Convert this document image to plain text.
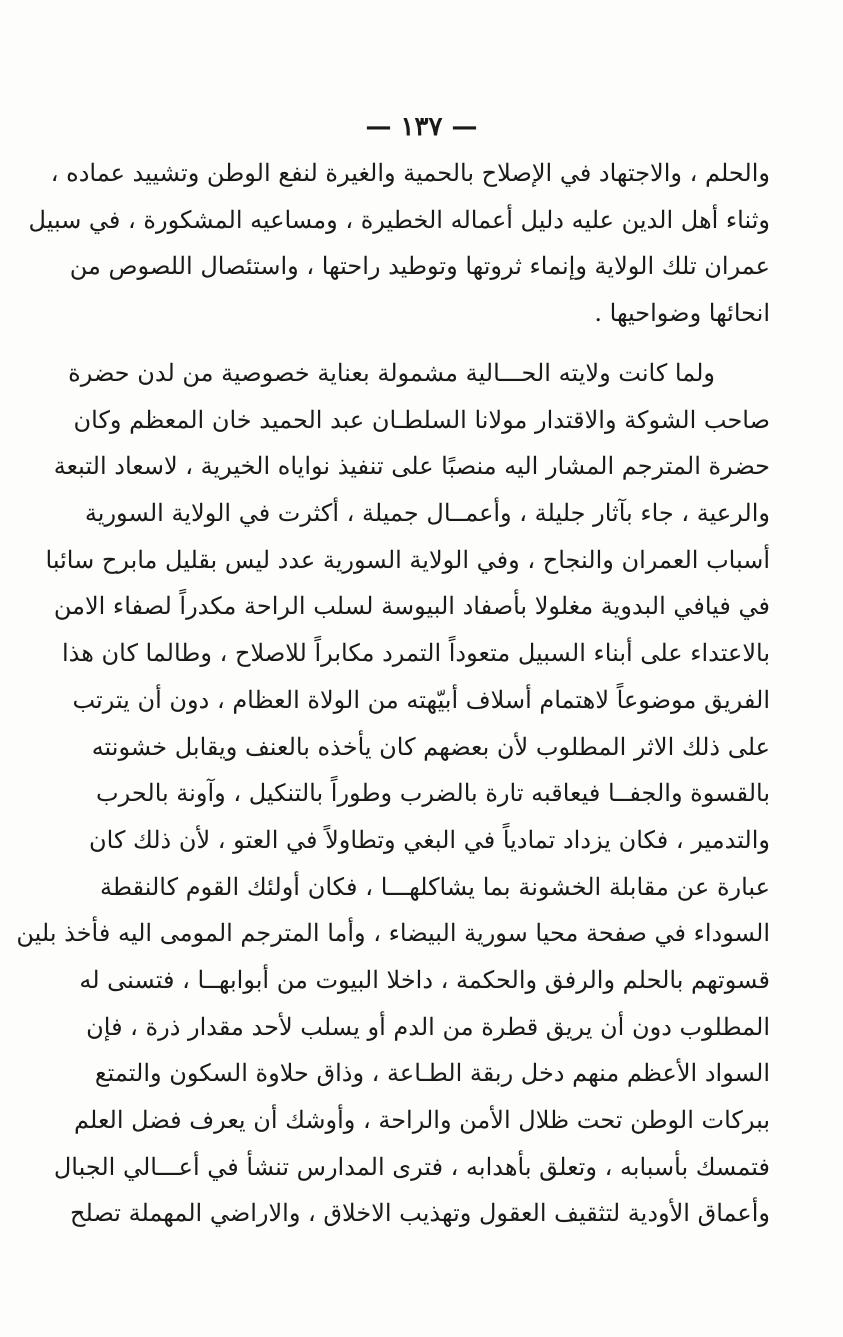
— ١٣٧ —
والحلم ، والاجتهاد في الإصلاح بالحمية والغيرة لنفع الوطن وتشييد عماده ،
وثناء أهل الدين عليه دليل أعماله الخطيرة ، ومساعيه المشكورة ، في سبيل
عمران تلك الولاية وإنماء ثروتها وتوطيد راحتها ، واستئصال اللصوص من
انحائها وضواحيها .
ولما كانت ولايته الحـــالية مشمولة بعناية خصوصية من لدن حضرة
صاحب الشوكة والاقتدار مولانا السلطـان عبد الحميد خان المعظم وكان
حضرة المترجم المشار اليه منصبًا على تنفيذ نواياه الخيرية ، لاسعاد التبعة
والرعية ، جاء بآثار جليلة ، وأعمــال جميلة ، أكثرت في الولاية السورية
أسباب العمران والنجاح ، وفي الولاية السورية عدد ليس بقليل مابرح سائبا
في فيافي البدوية مغلولا بأصفاد البيوسة لسلب الراحة مكدراً لصفاء الامن
بالاعتداء على أبناء السبيل متعوداً التمرد مكابراً للاصلاح ، وطالما كان هذا
الفريق موضوعاً لاهتمام أسلاف أبيّهته من الولاة العظام ، دون أن يترتب
على ذلك الاثر المطلوب لأن بعضهم كان يأخذه بالعنف ويقابل خشونته
بالقسوة والجفــا فيعاقبه تارة بالضرب وطوراً بالتنكيل ، وآونة بالحرب
والتدمير ، فكان يزداد تمادياً في البغي وتطاولاً في العتو ، لأن ذلك كان
عبارة عن مقابلة الخشونة بما يشاكلهـــا ، فكان أولئك القوم كالنقطة
السوداء في صفحة محيا سورية البيضاء ، وأما المترجم المومى اليه فأخذ بلين
قسوتهم بالحلم والرفق والحكمة ، داخلا البيوت من أبوابهــا ، فتسنى له
المطلوب دون أن يريق قطرة من الدم أو يسلب لأحد مقدار ذرة ، فإن
السواد الأعظم منهم دخل ربقة الطـاعة ، وذاق حلاوة السكون والتمتع
ببركات الوطن تحت ظلال الأمن والراحة ، وأوشك أن يعرف فضل العلم
فتمسك بأسبابه ، وتعلق بأهدابه ، فترى المدارس تنشأ في أعـــالي الجبال
وأعماق الأودية لتثقيف العقول وتهذيب الاخلاق ، والاراضي المهملة تصلح
